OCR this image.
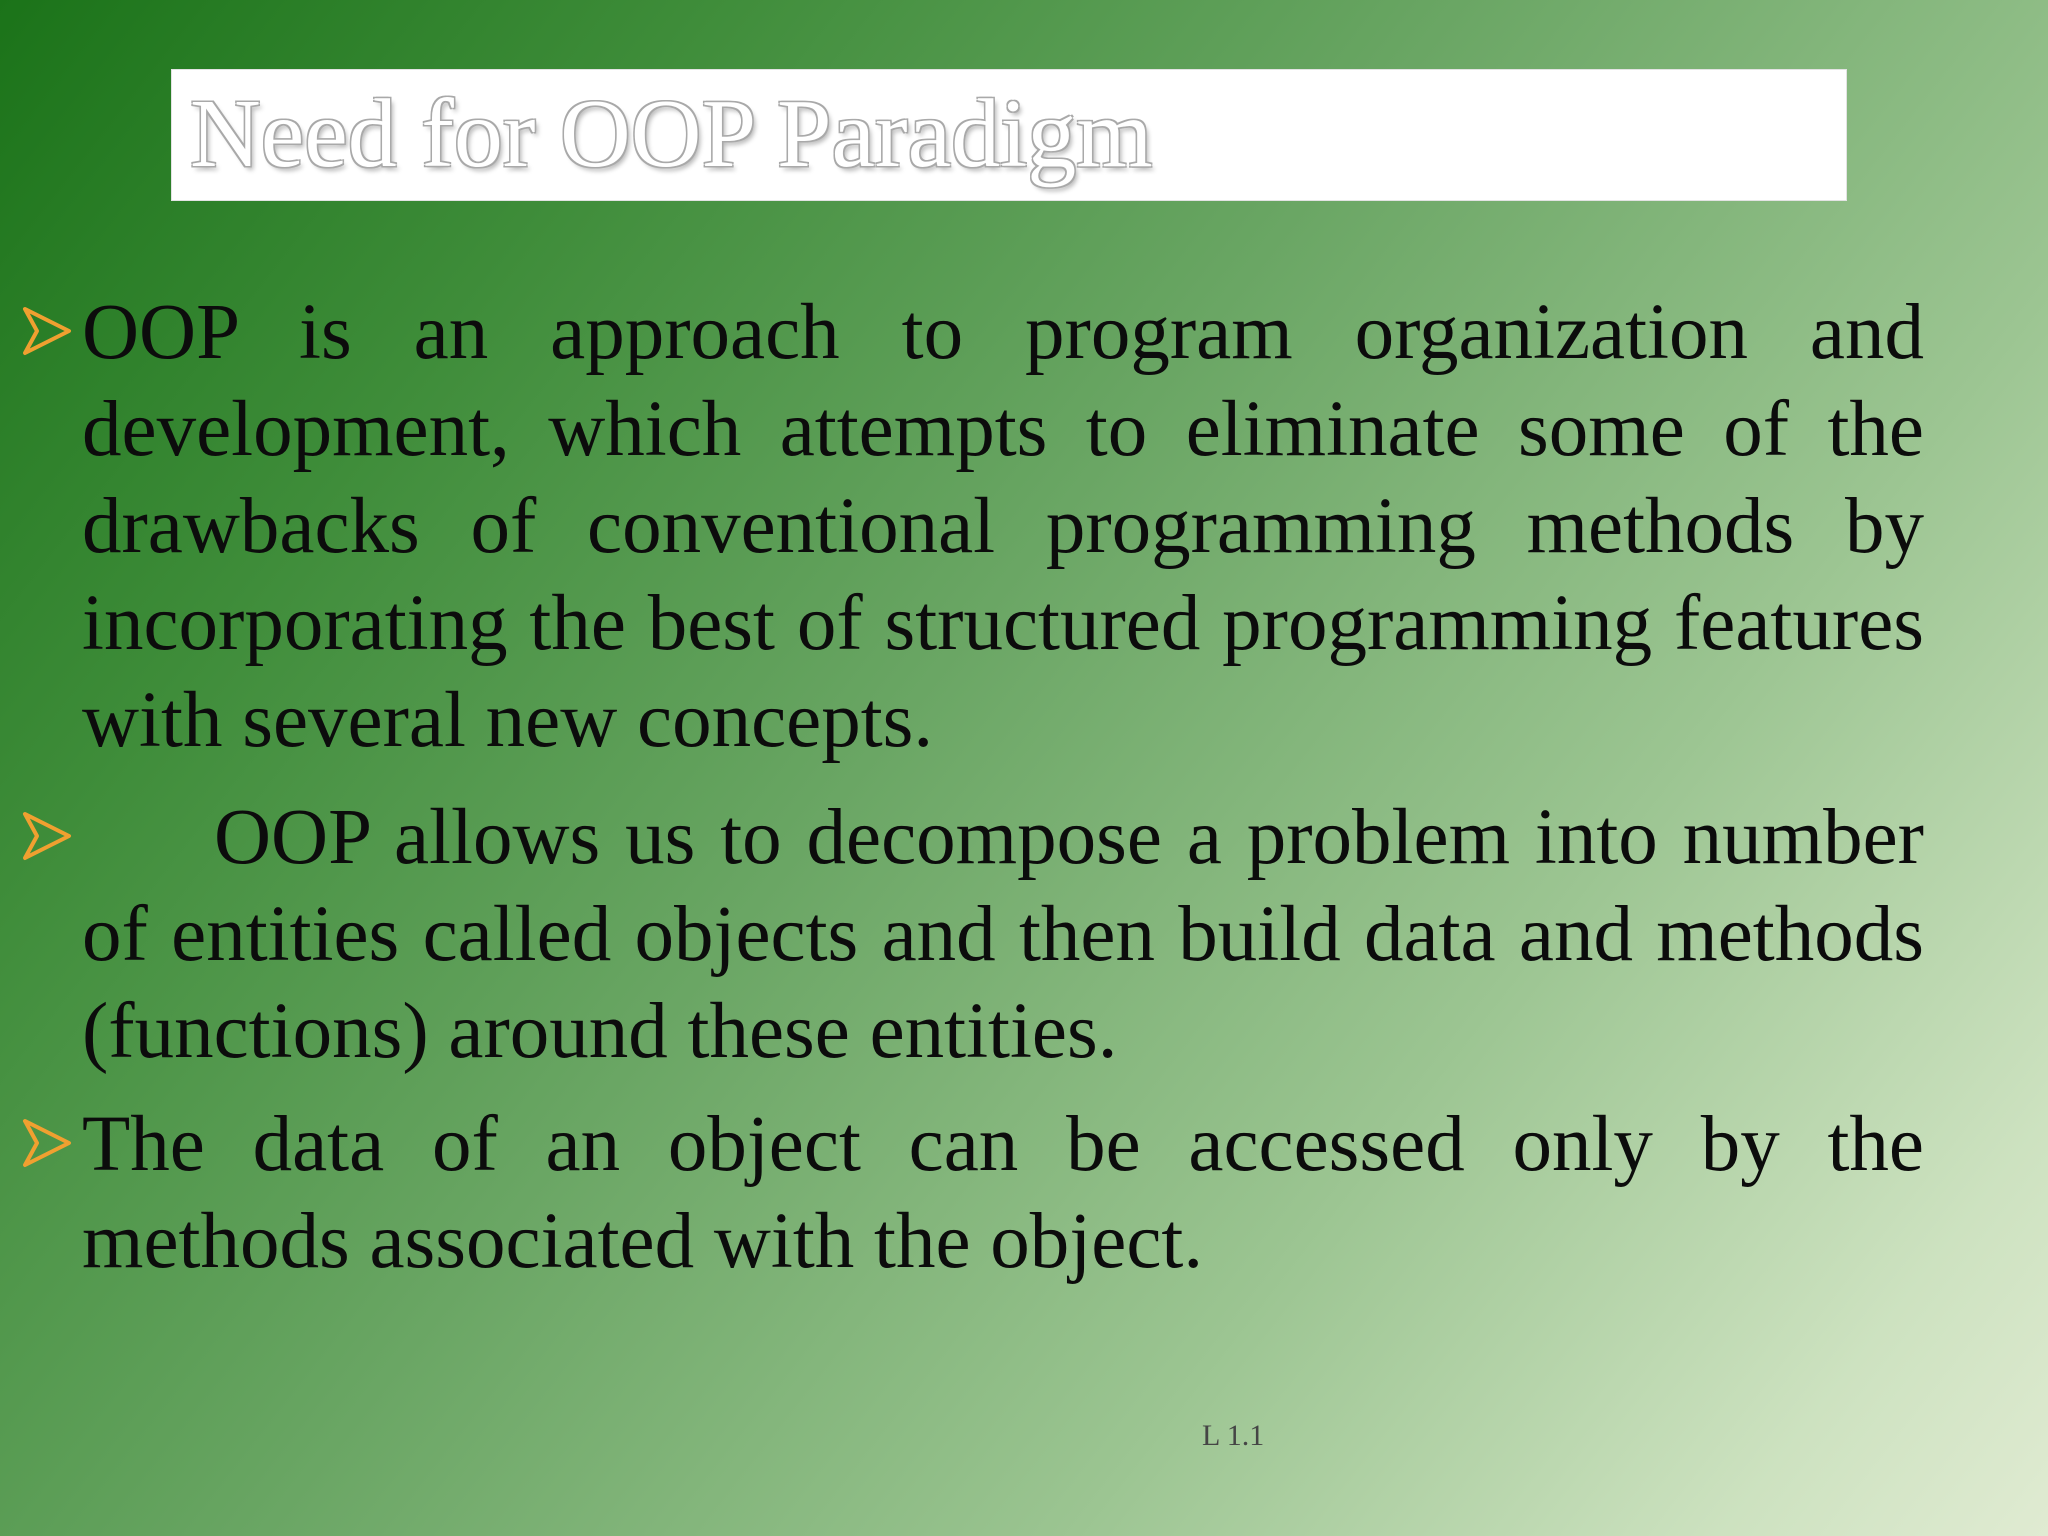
Need for OOP Paradigm
OOP is an approach to program organization and development, which attempts to eliminate some of the drawbacks of conventional programming methods by incorporating the best of structured programming features with several new concepts.
OOP allows us to decompose a problem into number of entities called objects and then build data and methods (functions) around these entities.
The data of an object can be accessed only by the methods associated with the object.
L 1.1
